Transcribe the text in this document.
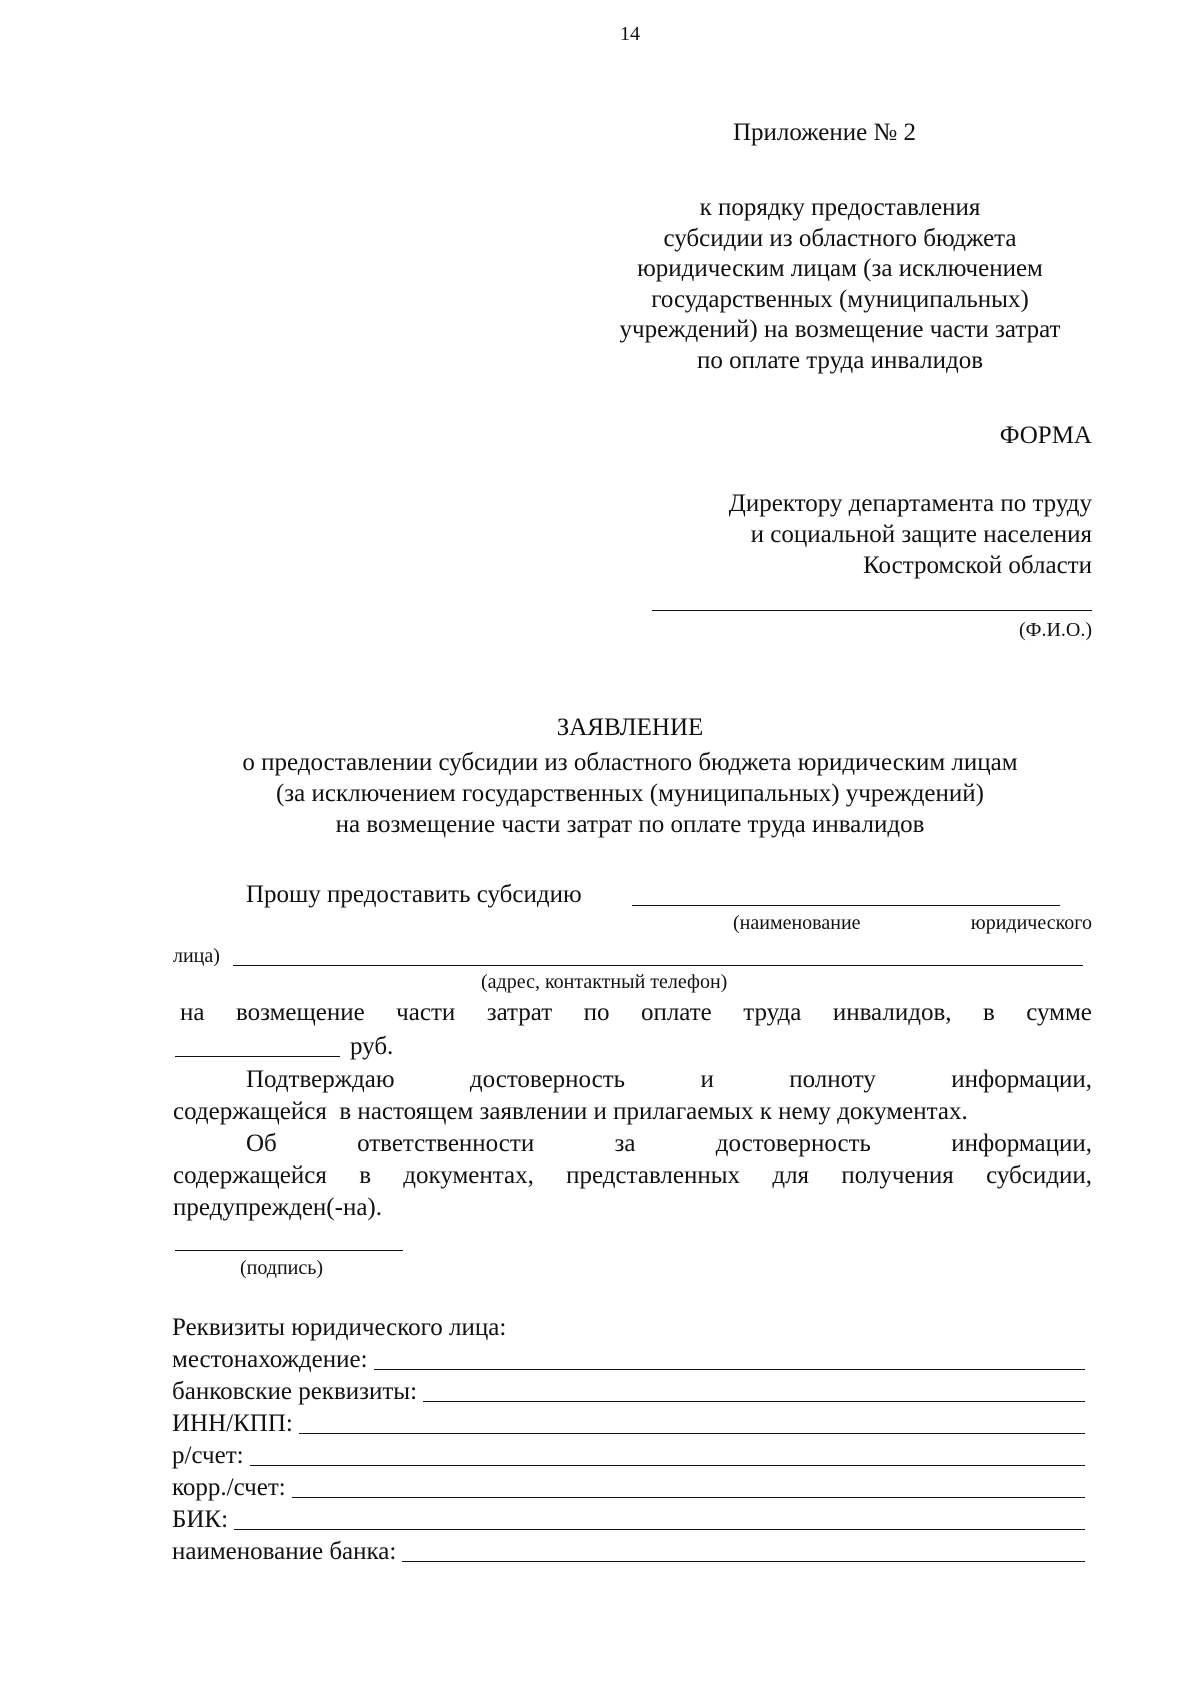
14
Приложение № 2
к порядку предоставления
субсидии из областного бюджета
юридическим лицам (за исключением
государственных (муниципальных)
учреждений) на возмещение части затрат
по оплате труда инвалидов
ФОРМА
Директору департамента по труду
и социальной защите населения
Костромской области
(Ф.И.О.)
ЗАЯВЛЕНИЕ
о предоставлении субсидии из областного бюджета юридическим лицам
(за исключением государственных (муниципальных) учреждений)
на возмещение части затрат по оплате труда инвалидов
Прошу предоставить субсидию
(наименование	юридического
лица)
(адрес, контактный телефон)
на возмещение части затрат по оплате труда инвалидов, в сумме
руб.
Подтверждаю	достоверность	и	полноту	информации,
содержащейся  в настоящем заявлении и прилагаемых к нему документах.
Об	ответственности	за	достоверность	информации,
содержащейся в документах, представленных для получения субсидии,
предупрежден(-на).
(подпись)
Реквизиты юридического лица:
местонахождение:
банковские реквизиты:
ИНН/КПП:
р/счет:
корр./счет:
БИК:
наименование банка:
